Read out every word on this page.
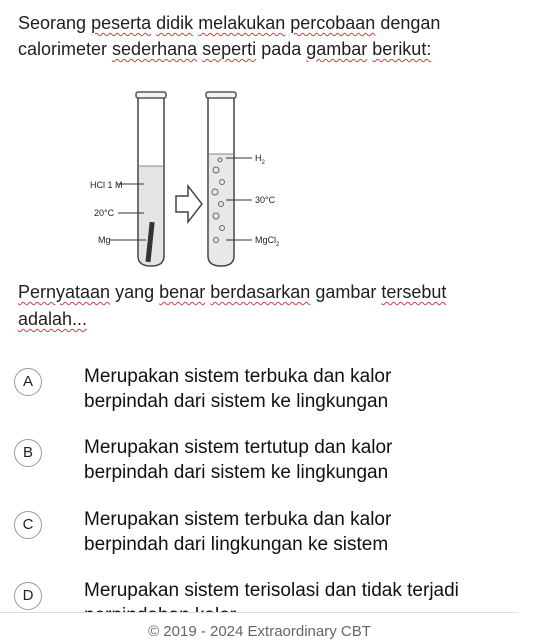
Seorang peserta didik melakukan percobaan dengan
calorimeter sederhana seperti pada gambar berikut:
HCl 1 M
20°C
Mg
$H_2$
30°C
MgCl$_2$
Pernyataan yang benar berdasarkan gambar tersebut
adalah...
A	Merupakan sistem terbuka dan kalor
berpindah dari sistem ke lingkungan
B	Merupakan sistem tertutup dan kalor
berpindah dari sistem ke lingkungan
C	Merupakan sistem terbuka dan kalor
berpindah dari lingkungan ke sistem
D	Merupakan sistem terisolasi dan tidak terjadi
© 2019 - 2024 Extraordinary CBT
